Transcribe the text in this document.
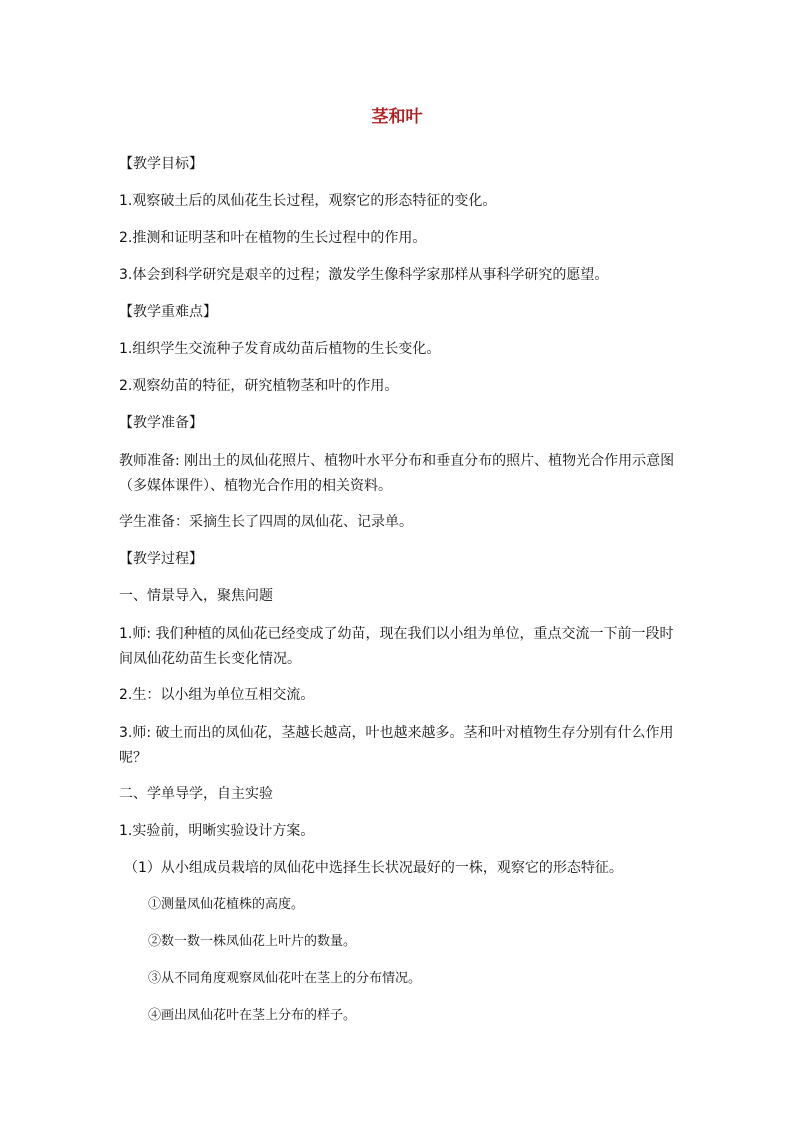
茎和叶
【教学目标】
1.观察破土后的凤仙花生长过程，观察它的形态特征的变化。
2.推测和证明茎和叶在植物的生长过程中的作用。
3.体会到科学研究是艰辛的过程；激发学生像科学家那样从事科学研究的愿望。
【教学重难点】
1.组织学生交流种子发育成幼苗后植物的生长变化。
2.观察幼苗的特征，研究植物茎和叶的作用。
【教学准备】
教师准备: 刚出土的凤仙花照片、植物叶水平分布和垂直分布的照片、植物光合作用示意图（多媒体课件）、植物光合作用的相关资料。
学生准备：采摘生长了四周的凤仙花、记录单。
【教学过程】
一、情景导入，聚焦问题
1.师: 我们种植的凤仙花已经变成了幼苗，现在我们以小组为单位，重点交流一下前一段时间凤仙花幼苗生长变化情况。
2.生：以小组为单位互相交流。
3.师: 破土而出的凤仙花，茎越长越高，叶也越来越多。茎和叶对植物生存分别有什么作用呢？
二、学单导学，自主实验
1.实验前，明晰实验设计方案。
（1）从小组成员栽培的凤仙花中选择生长状况最好的一株，观察它的形态特征。
①测量凤仙花植株的高度。
②数一数一株凤仙花上叶片的数量。
③从不同角度观察凤仙花叶在茎上的分布情况。
④画出凤仙花叶在茎上分布的样子。
